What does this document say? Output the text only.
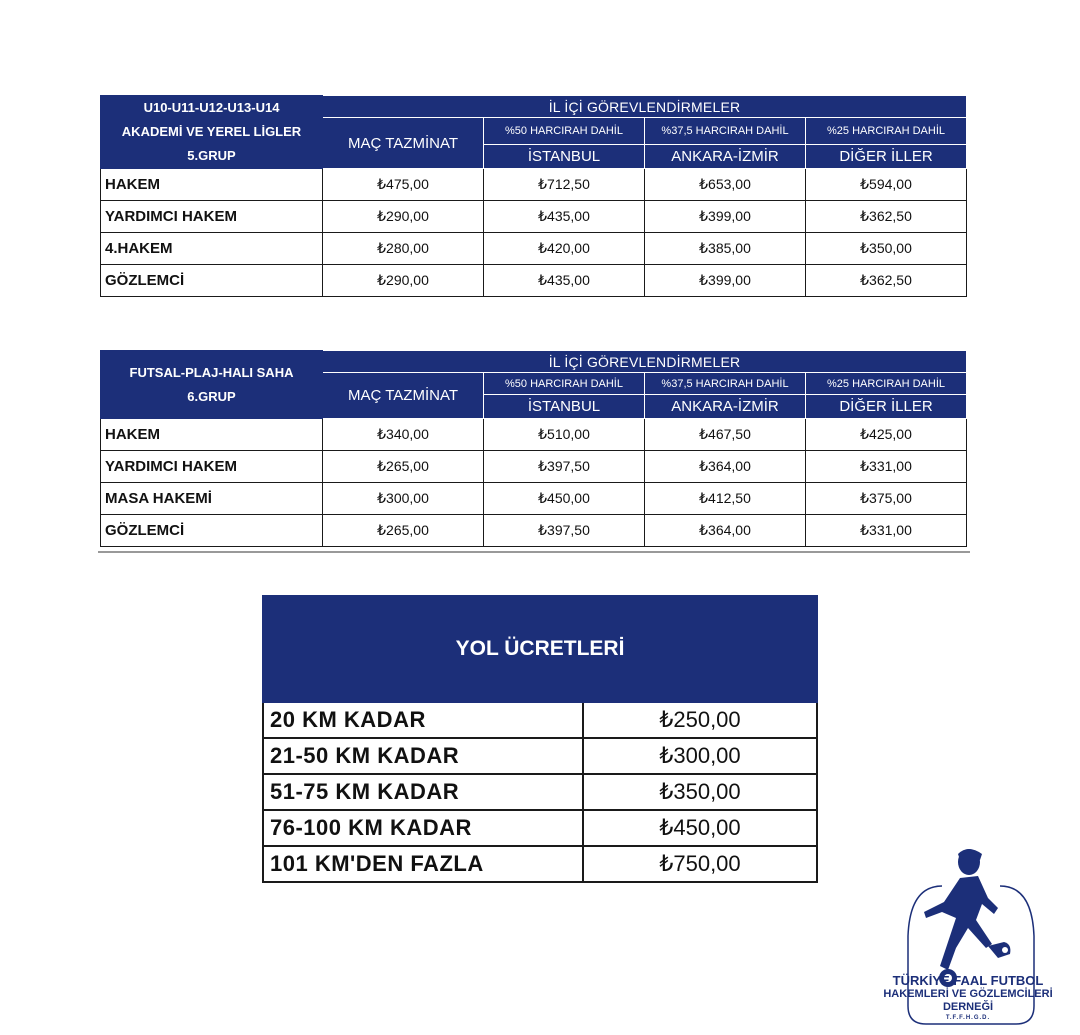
U10-U11-U12-U13-U14
AKADEMİ VE YEREL LİGLER
5.GRUP	İL İÇİ GÖREVLENDİRMELER			
	MAÇ TAZMİNAT	%50 HARCIRAH DAHİL	%37,5 HARCIRAH DAHİL	%25 HARCIRAH DAHİL
		İSTANBUL	ANKARA-İZMİR	DİĞER İLLER
HAKEM	₺475,00	₺712,50	₺653,00	₺594,00
YARDIMCI HAKEM	₺290,00	₺435,00	₺399,00	₺362,50
4.HAKEM	₺280,00	₺420,00	₺385,00	₺350,00
GÖZLEMCİ	₺290,00	₺435,00	₺399,00	₺362,50
FUTSAL-PLAJ-HALI SAHA
6.GRUP	İL İÇİ GÖREVLENDİRMELER			
	MAÇ TAZMİNAT	%50 HARCIRAH DAHİL	%37,5 HARCIRAH DAHİL	%25 HARCIRAH DAHİL
		İSTANBUL	ANKARA-İZMİR	DİĞER İLLER
HAKEM	₺340,00	₺510,00	₺467,50	₺425,00
YARDIMCI HAKEM	₺265,00	₺397,50	₺364,00	₺331,00
MASA HAKEMİ	₺300,00	₺450,00	₺412,50	₺375,00
GÖZLEMCİ	₺265,00	₺397,50	₺364,00	₺331,00
YOL ÜCRETLERİ	
20 KM KADAR	₺250,00
21-50 KM KADAR	₺300,00
51-75 KM KADAR	₺350,00
76-100 KM KADAR	₺450,00
101 KM'DEN FAZLA	₺750,00
TÜRKİYE FAAL FUTBOL
HAKEMLERİ VE GÖZLEMCİLERİ
DERNEĞİ
T.F.F.H.G.D.
